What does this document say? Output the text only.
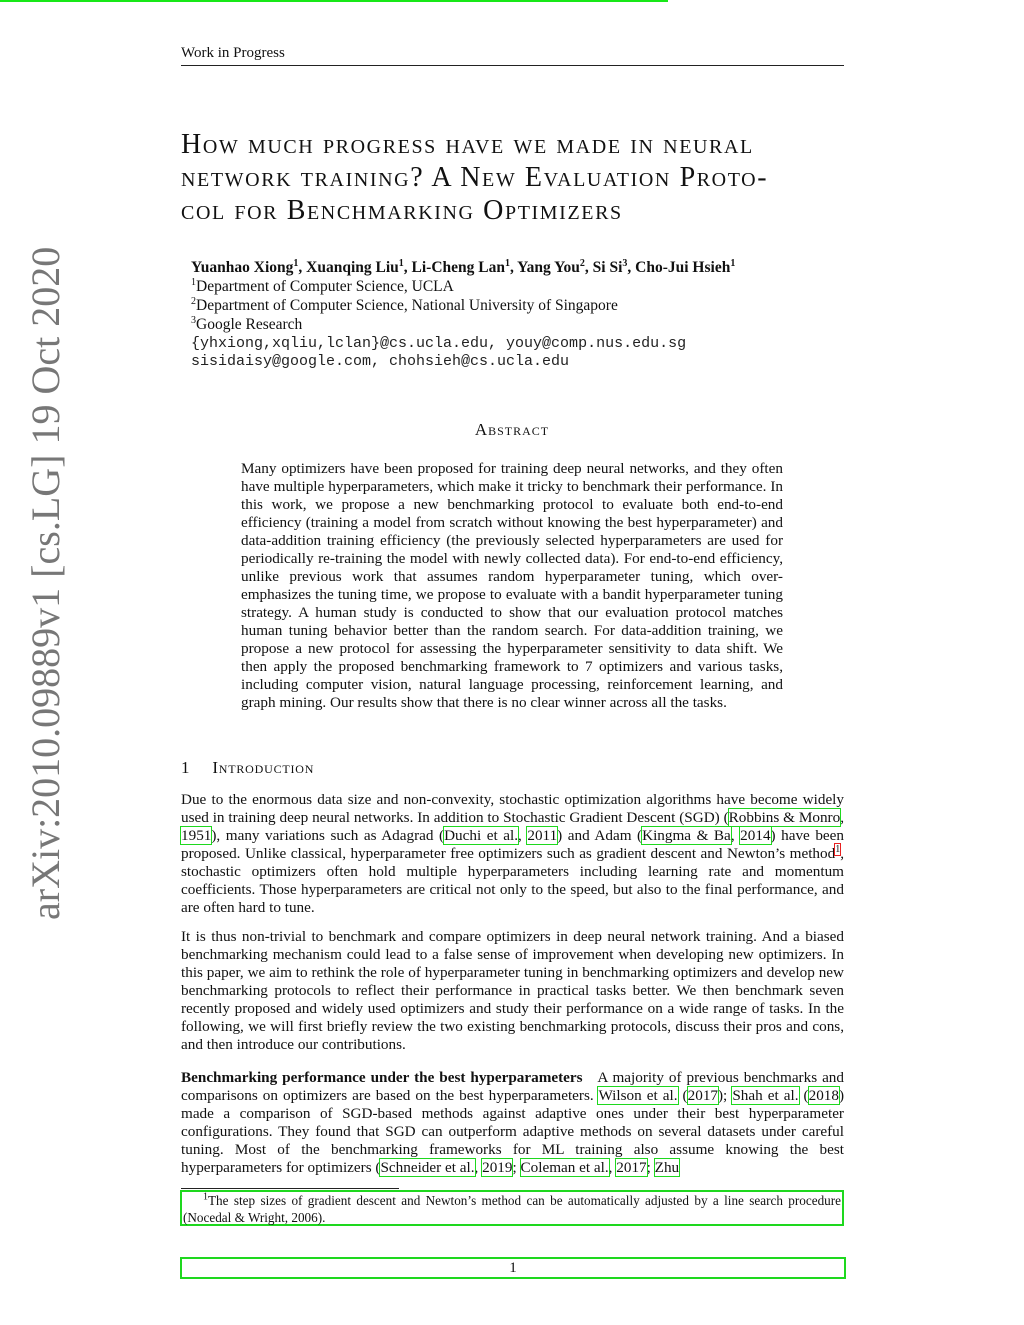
Work in Progress
arXiv:2010.09889v1 [cs.LG] 19 Oct 2020
How much progress have we made in neural
network training? A New Evaluation Proto-
col for Benchmarking Optimizers
Yuanhao Xiong$^1$, Xuanqing Liu$^1$, Li-Cheng Lan$^1$, Yang You$^2$, Si Si$^3$, Cho-Jui Hsieh$^1$
$^1$Department of Computer Science, UCLA
$^2$Department of Computer Science, National University of Singapore
$^3$Google Research
{yhxiong,xqliu,lclan}@cs.ucla.edu, youy@comp.nus.edu.sg
sisidaisy@google.com, chohsieh@cs.ucla.edu
Abstract

Many optimizers have been proposed for training deep neural networks, and they often have multiple hyperparameters, which make it tricky to benchmark their performance. In this work, we propose a new benchmarking protocol to evaluate both end-to-end efficiency (training a model from scratch without knowing the best hyperparameter) and data-addition training efficiency (the previously selected hyperparameters are used for periodically re-training the model with newly collected data). For end-to-end efficiency, unlike previous work that assumes random hyperparameter tuning, which over-emphasizes the tuning time, we propose to evaluate with a bandit hyperparameter tuning strategy. A human study is conducted to show that our evaluation protocol matches human tuning behavior better than the random search. For data-addition training, we propose a new protocol for assessing the hyperparameter sensitivity to data shift. We then apply the proposed benchmarking framework to 7 optimizers and various tasks, including computer vision, natural language processing, reinforcement learning, and graph mining. Our results show that there is no clear winner across all the tasks.

1 Introduction

Due to the enormous data size and non-convexity, stochastic optimization algorithms have become widely used in training deep neural networks. In addition to Stochastic Gradient Descent (SGD) (Robbins & Monro, 1951), many variations such as Adagrad (Duchi et al., 2011) and Adam (Kingma & Ba, 2014) have been proposed. Unlike classical, hyperparameter free optimizers such as gradient descent and Newton’s method$^1$, stochastic optimizers often hold multiple hyperparameters including learning rate and momentum coefficients. Those hyperparameters are critical not only to the speed, but also to the final performance, and are often hard to tune.

It is thus non-trivial to benchmark and compare optimizers in deep neural network training. And a biased benchmarking mechanism could lead to a false sense of improvement when developing new optimizers. In this paper, we aim to rethink the role of hyperparameter tuning in benchmarking optimizers and develop new benchmarking protocols to reflect their performance in practical tasks better. We then benchmark seven recently proposed and widely used optimizers and study their performance on a wide range of tasks. In the following, we will first briefly review the two existing benchmarking protocols, discuss their pros and cons, and then introduce our contributions.

Benchmarking performance under the best hyperparameters A majority of previous benchmarks and comparisons on optimizers are based on the best hyperparameters. Wilson et al. (2017); Shah et al. (2018) made a comparison of SGD-based methods against adaptive ones under their best hyperparameter configurations. They found that SGD can outperform adaptive methods on several datasets under careful tuning. Most of the benchmarking frameworks for ML training also assume knowing the best hyperparameters for optimizers (Schneider et al., 2019; Coleman et al., 2017; Zhu

$^1$The step sizes of gradient descent and Newton’s method can be automatically adjusted by a line search procedure (Nocedal & Wright, 2006).
1
